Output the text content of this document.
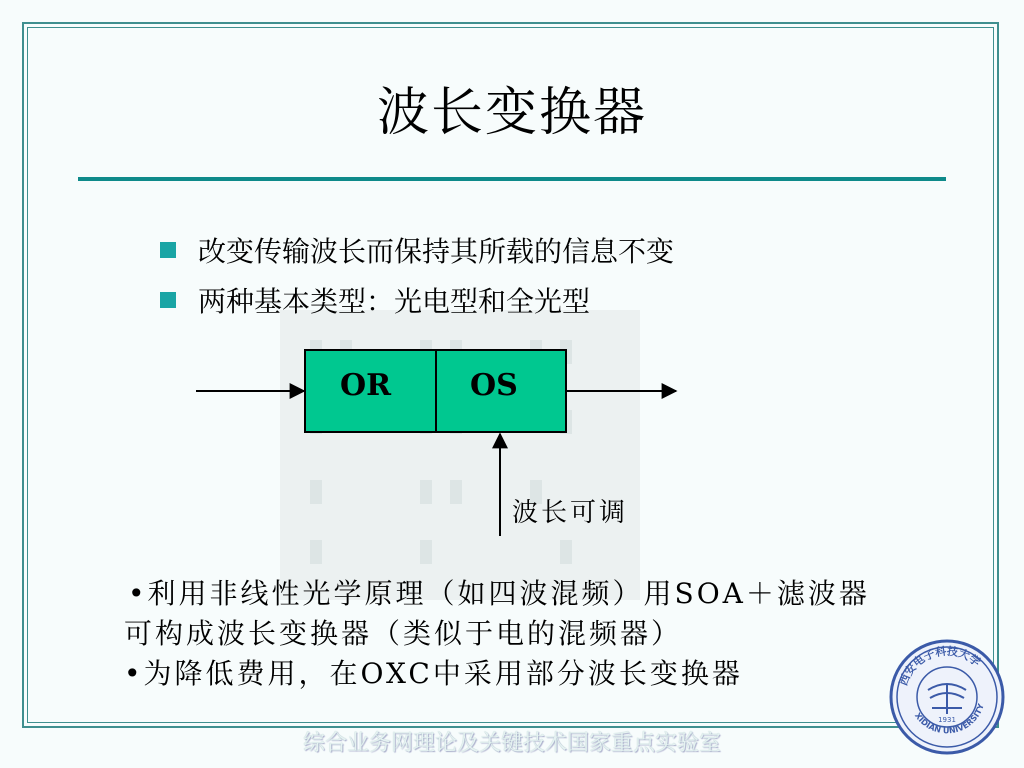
波长变换器
改变传输波长而保持其所载的信息不变
两种基本类型：光电型和全光型
OR	OS
波长可调
•利用非线性光学原理（如四波混频）用SOA＋滤波器
可构成波长变换器（类似于电的混频器）
•为降低费用，在OXC中采用部分波长变换器
综合业务网理论及关键技术国家重点实验室
西安电子科技大学
XIDIAN UNIVERSITY
1931
